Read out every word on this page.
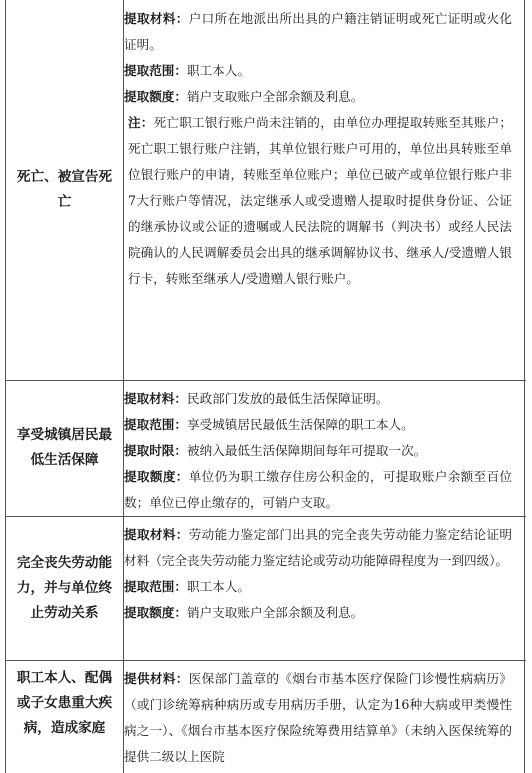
死亡、被宣告死亡
享受城镇居民最低生活保障
完全丧失劳动能力，并与单位终止劳动关系
职工本人、配偶或子女患重大疾病，造成家庭

提取材料：户口所在地派出所出具的户籍注销证明或死亡证明或火化证明。

提取范围：职工本人。

提取额度：销户支取账户全部余额及利息。

注：死亡职工银行账户尚未注销的，由单位办理提取转账至其账户；死亡职工银行账户注销，其单位银行账户可用的，单位出具转账至单位银行账户的申请，转账至单位账户；单位已破产或单位银行账户非7大行账户等情况，法定继承人或受遗赠人提取时提供身份证、公证的继承协议或公证的遗嘱或人民法院的调解书（判决书）或经人民法院确认的人民调解委员会出具的继承调解协议书、继承人/受遗赠人银行卡，转账至继承人/受遗赠人银行账户。

提取材料：民政部门发放的最低生活保障证明。

提取范围：享受城镇居民最低生活保障的职工本人。

提取时限：被纳入最低生活保障期间每年可提取一次。

提取额度：单位仍为职工缴存住房公积金的，可提取账户余额至百位数；单位已停止缴存的，可销户支取。

提取材料：劳动能力鉴定部门出具的完全丧失劳动能力鉴定结论证明材料（完全丧失劳动能力鉴定结论或劳动功能障碍程度为一到四级）。

提取范围：职工本人。

提取额度：销户支取账户全部余额及利息。

提供材料：医保部门盖章的《烟台市基本医疗保险门诊慢性病病历》（或门诊统筹病种病历或专用病历手册，认定为16种大病或甲类慢性病之一）、《烟台市基本医疗保险统筹费用结算单》（未纳入医保统筹的提供二级以上医院
